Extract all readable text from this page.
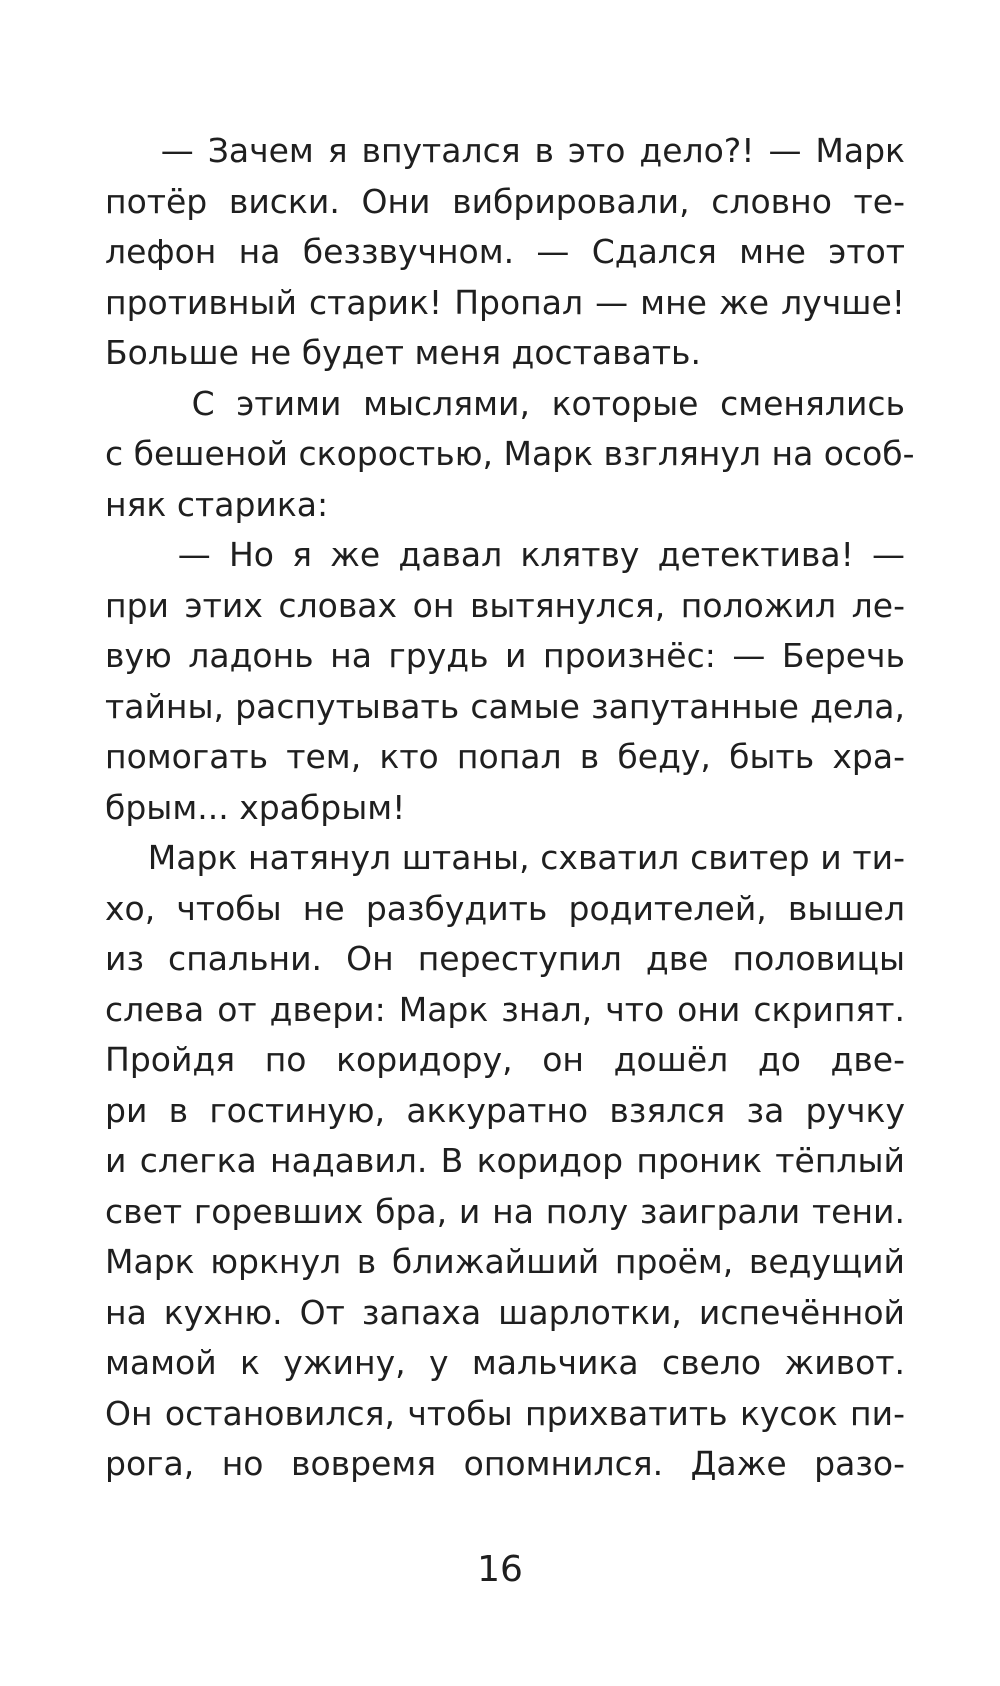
— Зачем я впутался в это дело?! — Марк
потёр виски. Они вибрировали, словно те-
лефон на беззвучном. — Сдался мне этот
противный старик! Пропал — мне же лучше!
Больше не будет меня доставать.
С этими мыслями, которые сменялись
с бешеной скоростью, Марк взглянул на особ-
няк старика:
— Но я же давал клятву детектива! —
при этих словах он вытянулся, положил ле-
вую ладонь на грудь и произнёс: — Беречь
тайны, распутывать самые запутанные дела,
помогать тем, кто попал в беду, быть хра-
брым... храбрым!
Марк натянул штаны, схватил свитер и ти-
хо, чтобы не разбудить родителей, вышел
из спальни. Он переступил две половицы
слева от двери: Марк знал, что они скрипят.
Пройдя по коридору, он дошёл до две-
ри в гостиную, аккуратно взялся за ручку
и слегка надавил. В коридор проник тёплый
свет горевших бра, и на полу заиграли тени.
Марк юркнул в ближайший проём, ведущий
на кухню. От запаха шарлотки, испечённой
мамой к ужину, у мальчика свело живот.
Он остановился, чтобы прихватить кусок пи-
рога, но вовремя опомнился. Даже разо-
16
